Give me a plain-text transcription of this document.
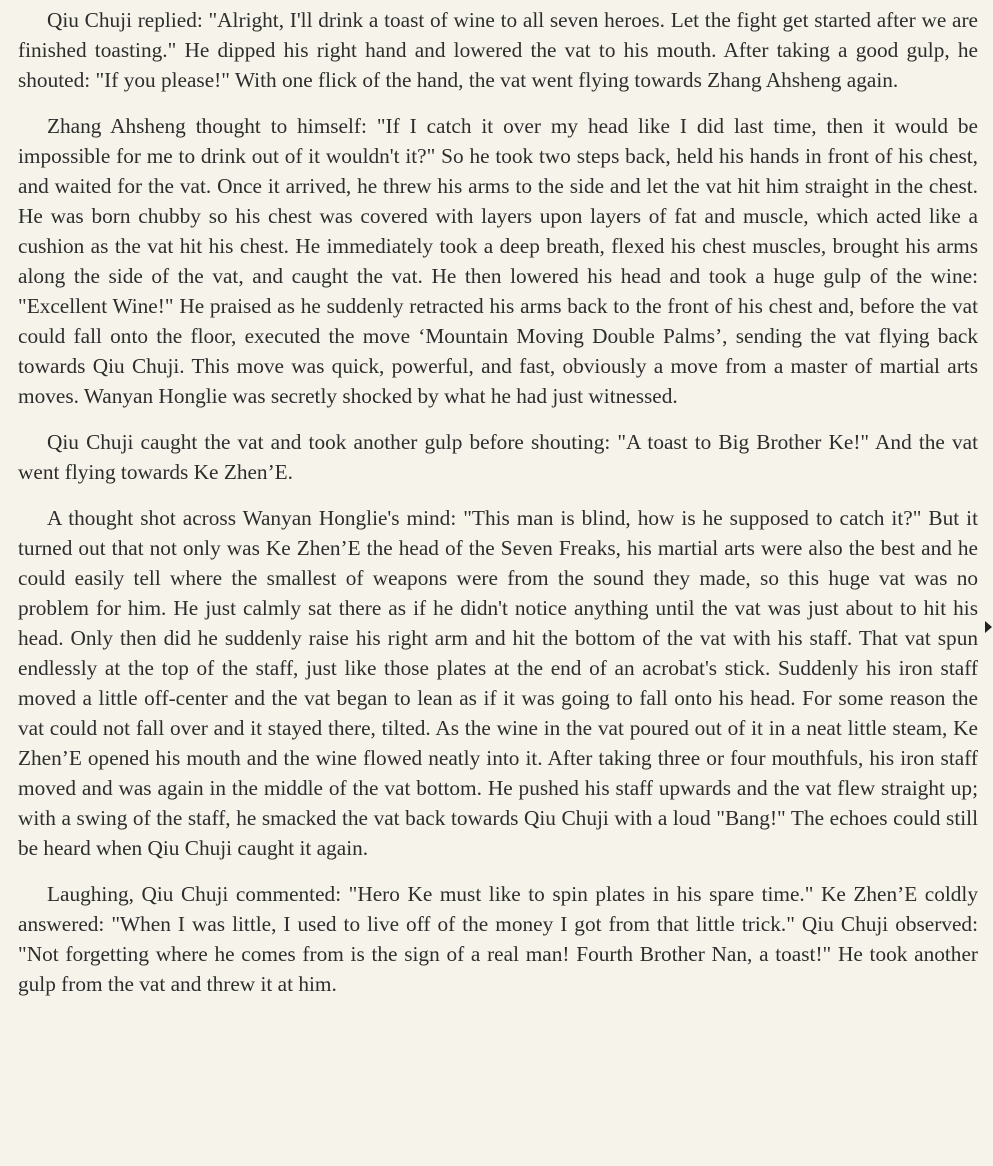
Qiu Chuji replied: "Alright, I'll drink a toast of wine to all seven heroes. Let the fight get started after we are finished toasting." He dipped his right hand and lowered the vat to his mouth. After taking a good gulp, he shouted: "If you please!" With one flick of the hand, the vat went flying towards Zhang Ahsheng again.

Zhang Ahsheng thought to himself: "If I catch it over my head like I did last time, then it would be impossible for me to drink out of it wouldn't it?" So he took two steps back, held his hands in front of his chest, and waited for the vat. Once it arrived, he threw his arms to the side and let the vat hit him straight in the chest. He was born chubby so his chest was covered with layers upon layers of fat and muscle, which acted like a cushion as the vat hit his chest. He immediately took a deep breath, flexed his chest muscles, brought his arms along the side of the vat, and caught the vat. He then lowered his head and took a huge gulp of the wine: "Excellent Wine!" He praised as he suddenly retracted his arms back to the front of his chest and, before the vat could fall onto the floor, executed the move ‘Mountain Moving Double Palms’, sending the vat flying back towards Qiu Chuji. This move was quick, powerful, and fast, obviously a move from a master of martial arts moves. Wanyan Honglie was secretly shocked by what he had just witnessed.

Qiu Chuji caught the vat and took another gulp before shouting: "A toast to Big Brother Ke!" And the vat went flying towards Ke Zhen’E.

A thought shot across Wanyan Honglie's mind: "This man is blind, how is he supposed to catch it?" But it turned out that not only was Ke Zhen’E the head of the Seven Freaks, his martial arts were also the best and he could easily tell where the smallest of weapons were from the sound they made, so this huge vat was no problem for him. He just calmly sat there as if he didn't notice anything until the vat was just about to hit his head. Only then did he suddenly raise his right arm and hit the bottom of the vat with his staff. That vat spun endlessly at the top of the staff, just like those plates at the end of an acrobat's stick. Suddenly his iron staff moved a little off-center and the vat began to lean as if it was going to fall onto his head. For some reason the vat could not fall over and it stayed there, tilted. As the wine in the vat poured out of it in a neat little steam, Ke Zhen’E opened his mouth and the wine flowed neatly into it. After taking three or four mouthfuls, his iron staff moved and was again in the middle of the vat bottom. He pushed his staff upwards and the vat flew straight up; with a swing of the staff, he smacked the vat back towards Qiu Chuji with a loud "Bang!" The echoes could still be heard when Qiu Chuji caught it again.

Laughing, Qiu Chuji commented: "Hero Ke must like to spin plates in his spare time." Ke Zhen’E coldly answered: "When I was little, I used to live off of the money I got from that little trick." Qiu Chuji observed: "Not forgetting where he comes from is the sign of a real man! Fourth Brother Nan, a toast!" He took another gulp from the vat and threw it at him.
